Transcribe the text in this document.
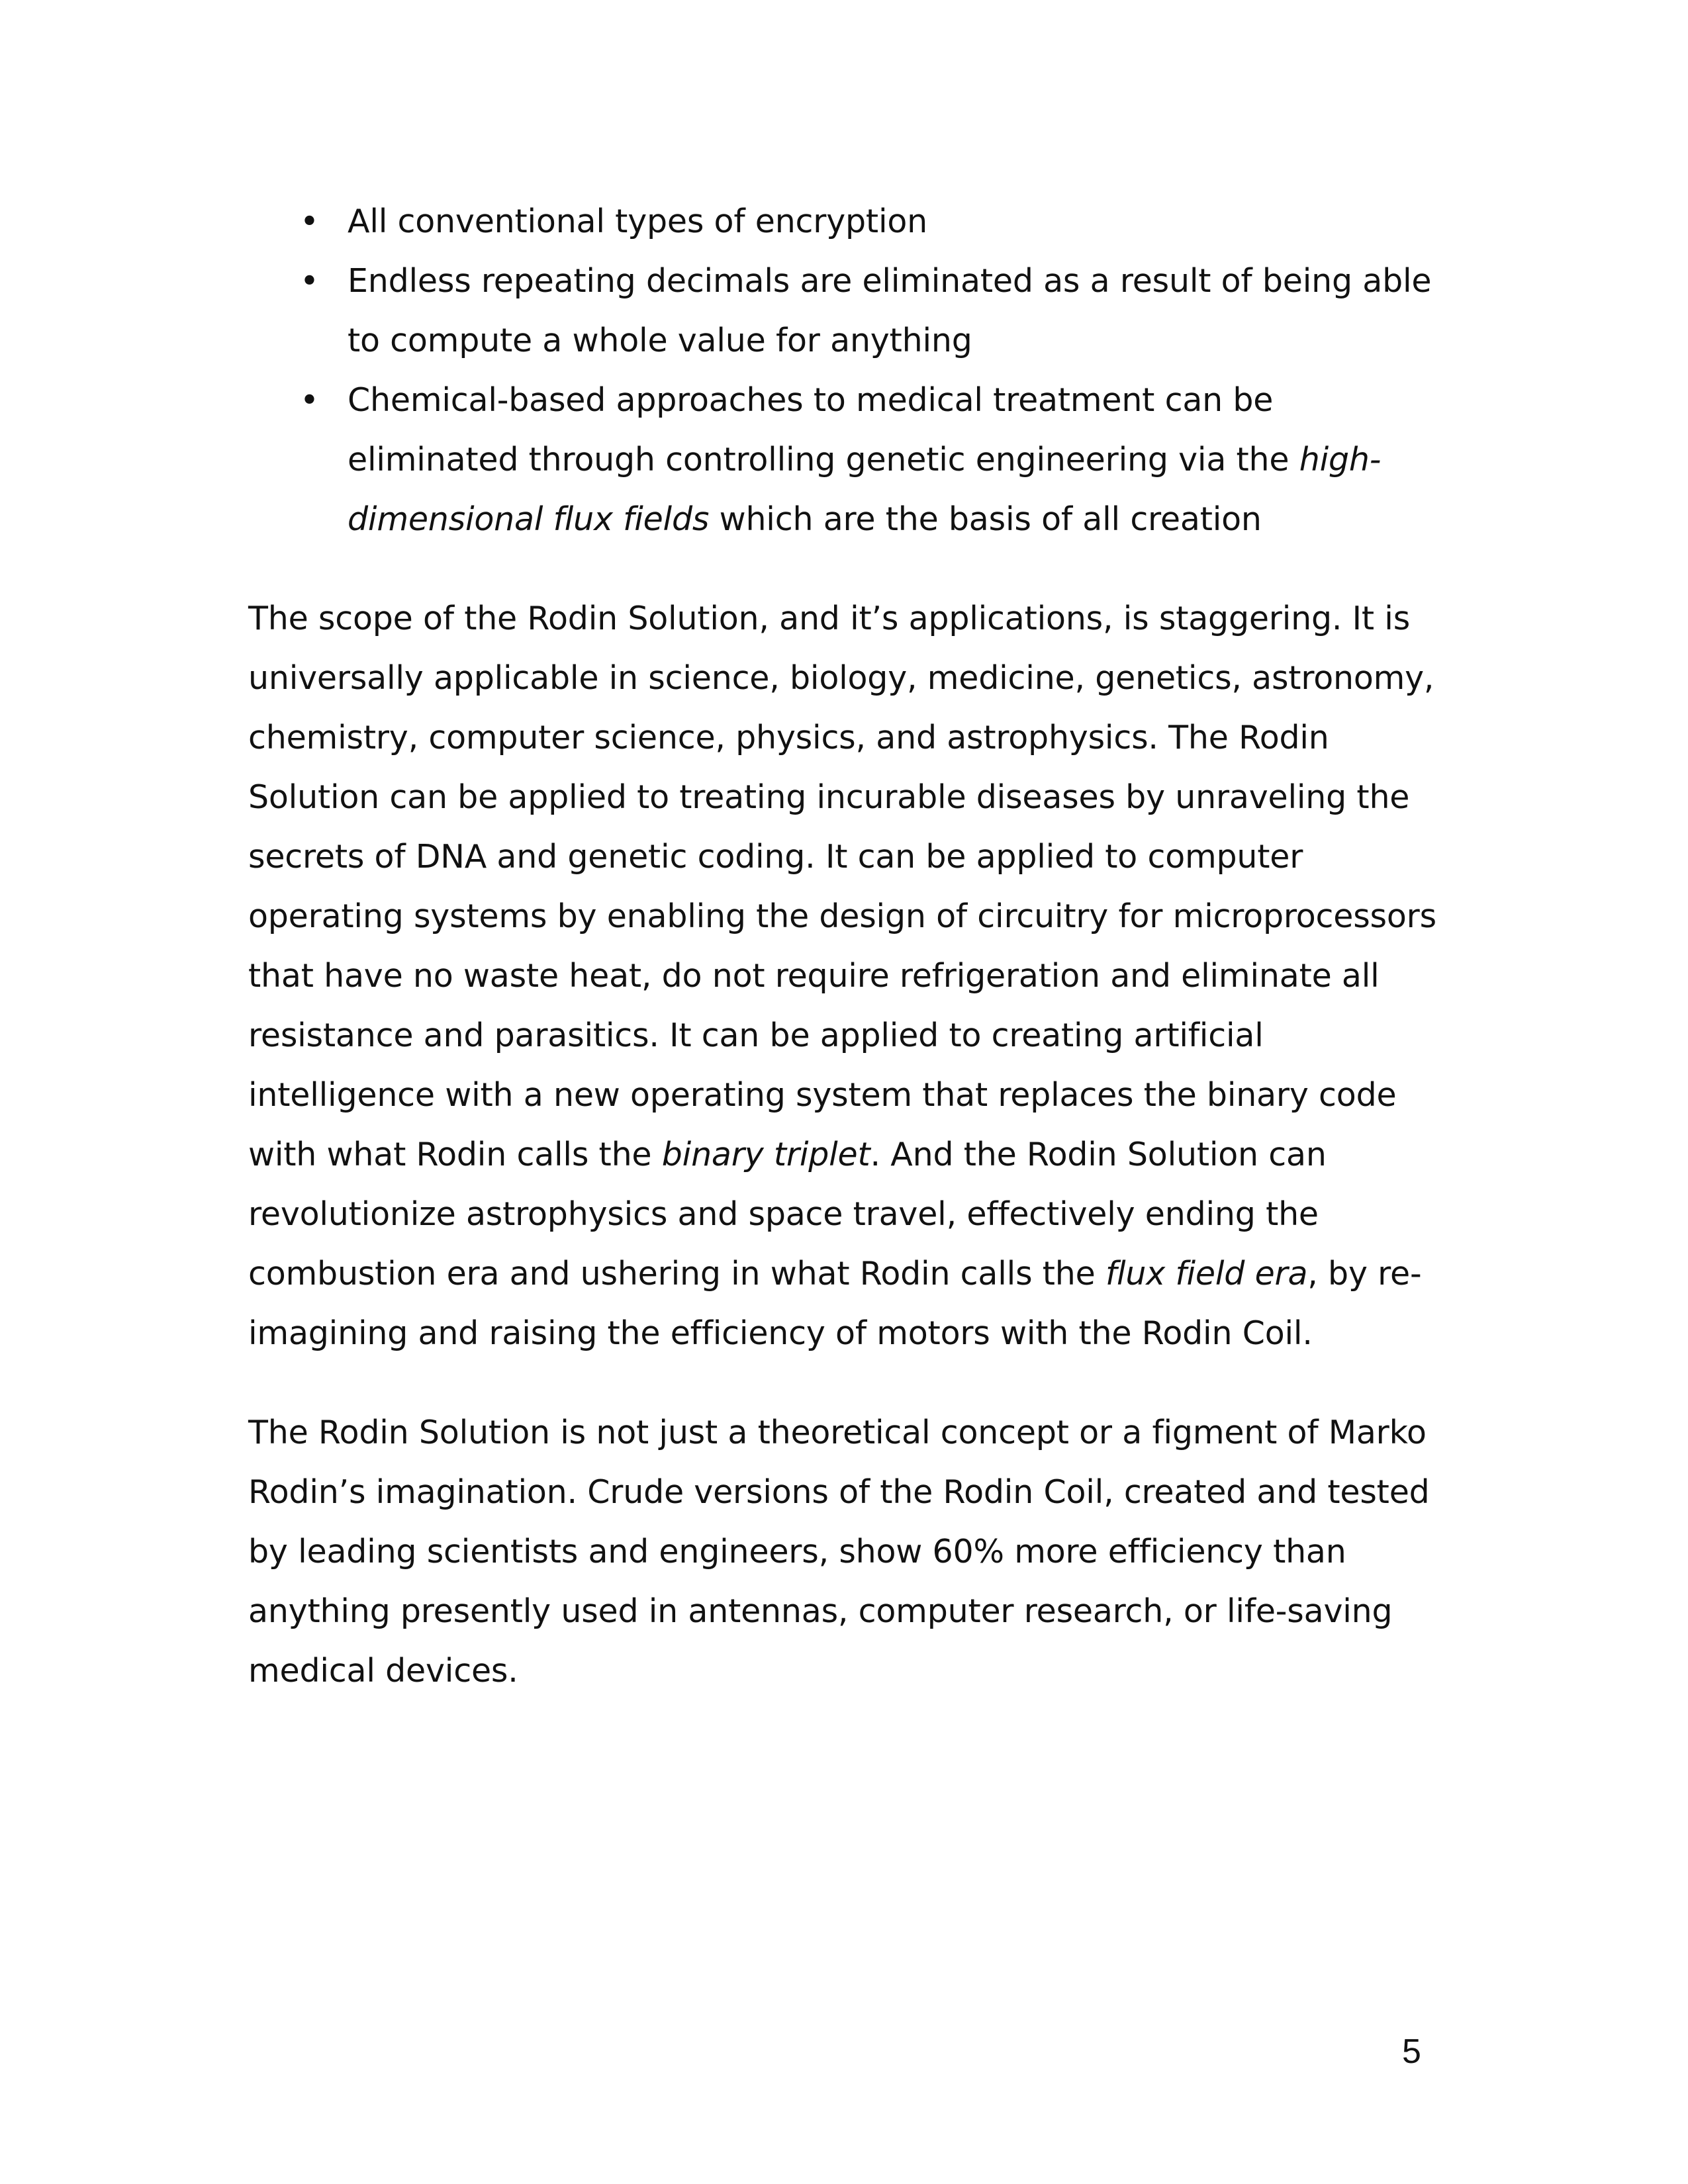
• All conventional types of encryption
• Endless repeating decimals are eliminated as a result of being able to compute a whole value for anything
• Chemical-based approaches to medical treatment can be eliminated through controlling genetic engineering via the high-dimensional flux fields which are the basis of all creation

The scope of the Rodin Solution, and it’s applications, is staggering. It is universally applicable in science, biology, medicine, genetics, astronomy, chemistry, computer science, physics, and astrophysics. The Rodin Solution can be applied to treating incurable diseases by unraveling the secrets of DNA and genetic coding. It can be applied to computer operating systems by enabling the design of circuitry for microprocessors that have no waste heat, do not require refrigeration and eliminate all resistance and parasitics. It can be applied to creating artificial intelligence with a new operating system that replaces the binary code with what Rodin calls the binary triplet. And the Rodin Solution can revolutionize astrophysics and space travel, effectively ending the combustion era and ushering in what Rodin calls the flux field era, by re-imagining and raising the efficiency of motors with the Rodin Coil.

The Rodin Solution is not just a theoretical concept or a figment of Marko Rodin’s imagination. Crude versions of the Rodin Coil, created and tested by leading scientists and engineers, show 60% more efficiency than anything presently used in antennas, computer research, or life-saving medical devices.

5
